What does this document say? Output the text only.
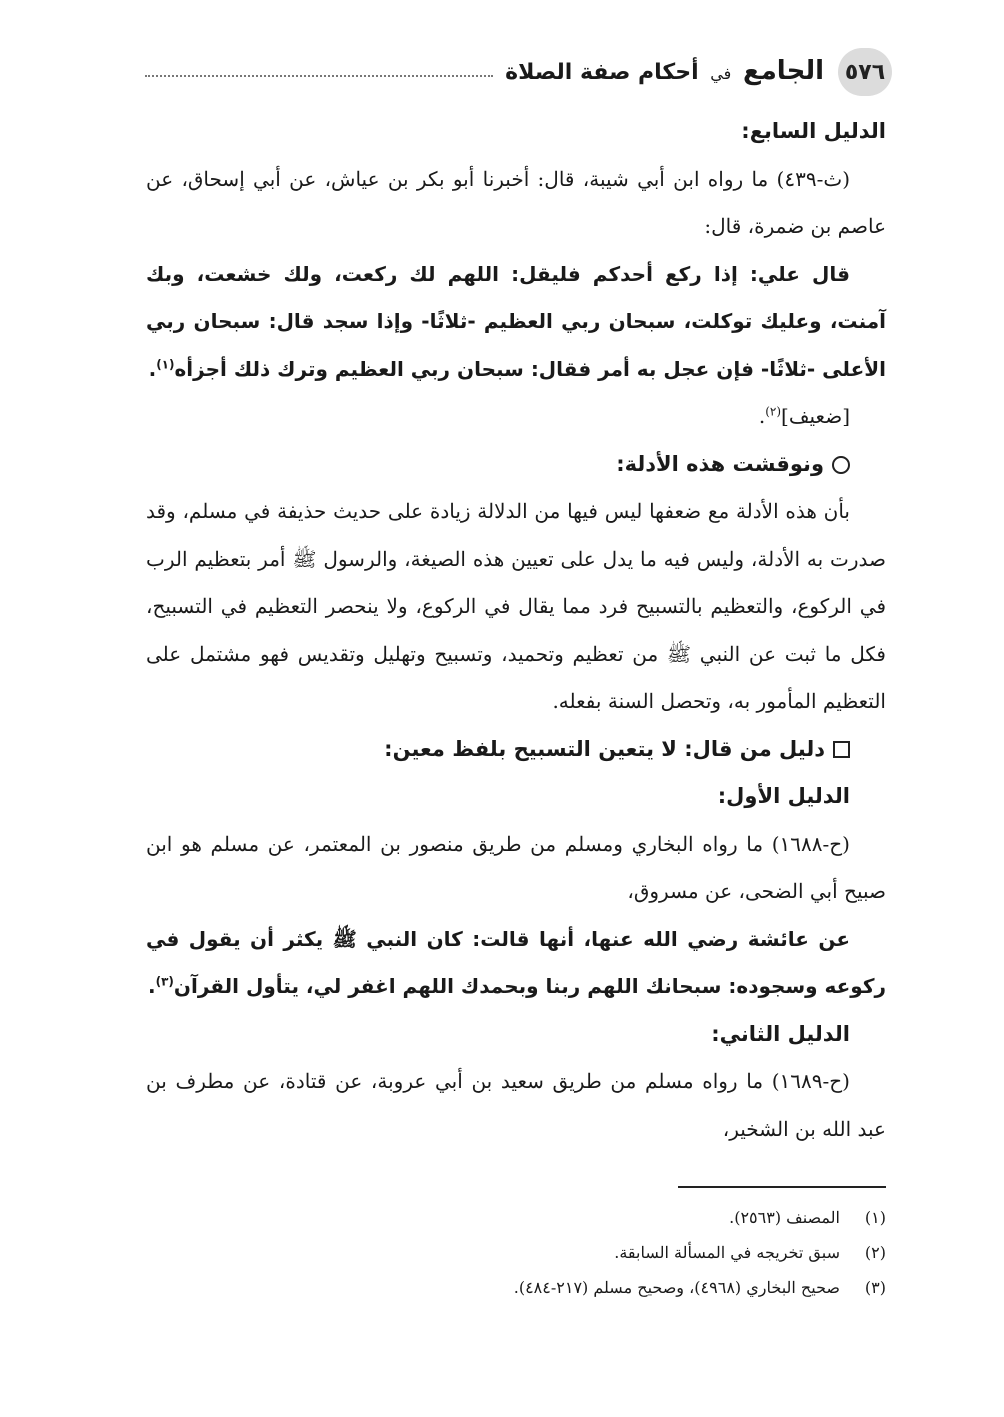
٥٧٦
الجامع في أحكام صفة الصلاة

الدليل السابع:

(ث-٤٣٩) ما رواه ابن أبي شيبة، قال: أخبرنا أبو بكر بن عياش، عن أبي إسحاق، عن عاصم بن ضمرة، قال:

قال علي: إذا ركع أحدكم فليقل: اللهم لك ركعت، ولك خشعت، وبك آمنت، وعليك توكلت، سبحان ربي العظيم -ثلاثًا- وإذا سجد قال: سبحان ربي الأعلى -ثلاثًا- فإن عجل به أمر فقال: سبحان ربي العظيم وترك ذلك أجزأه$^{(١)}$.

[ضعيف]$^{(٢)}$.

ونوقشت هذه الأدلة:

بأن هذه الأدلة مع ضعفها ليس فيها من الدلالة زيادة على حديث حذيفة في مسلم، وقد صدرت به الأدلة، وليس فيه ما يدل على تعيين هذه الصيغة، والرسول ﷺ أمر بتعظيم الرب في الركوع، والتعظيم بالتسبيح فرد مما يقال في الركوع، ولا ينحصر التعظيم في التسبيح، فكل ما ثبت عن النبي ﷺ من تعظيم وتحميد، وتسبيح وتهليل وتقديس فهو مشتمل على التعظيم المأمور به، وتحصل السنة بفعله.

دليل من قال: لا يتعين التسبيح بلفظ معين:

الدليل الأول:

(ح-١٦٨٨) ما رواه البخاري ومسلم من طريق منصور بن المعتمر، عن مسلم هو ابن صبيح أبي الضحى، عن مسروق،

عن عائشة رضي الله عنها، أنها قالت: كان النبي ﷺ يكثر أن يقول في ركوعه وسجوده: سبحانك اللهم ربنا وبحمدك اللهم اغفر لي، يتأول القرآن$^{(٣)}$.

الدليل الثاني:

(ح-١٦٨٩) ما رواه مسلم من طريق سعيد بن أبي عروبة، عن قتادة، عن مطرف بن عبد الله بن الشخير،

(١)
المصنف (٢٥٦٣).
(٢)
سبق تخريجه في المسألة السابقة.
(٣)
صحيح البخاري (٤٩٦٨)، وصحيح مسلم (٢١٧-٤٨٤).
